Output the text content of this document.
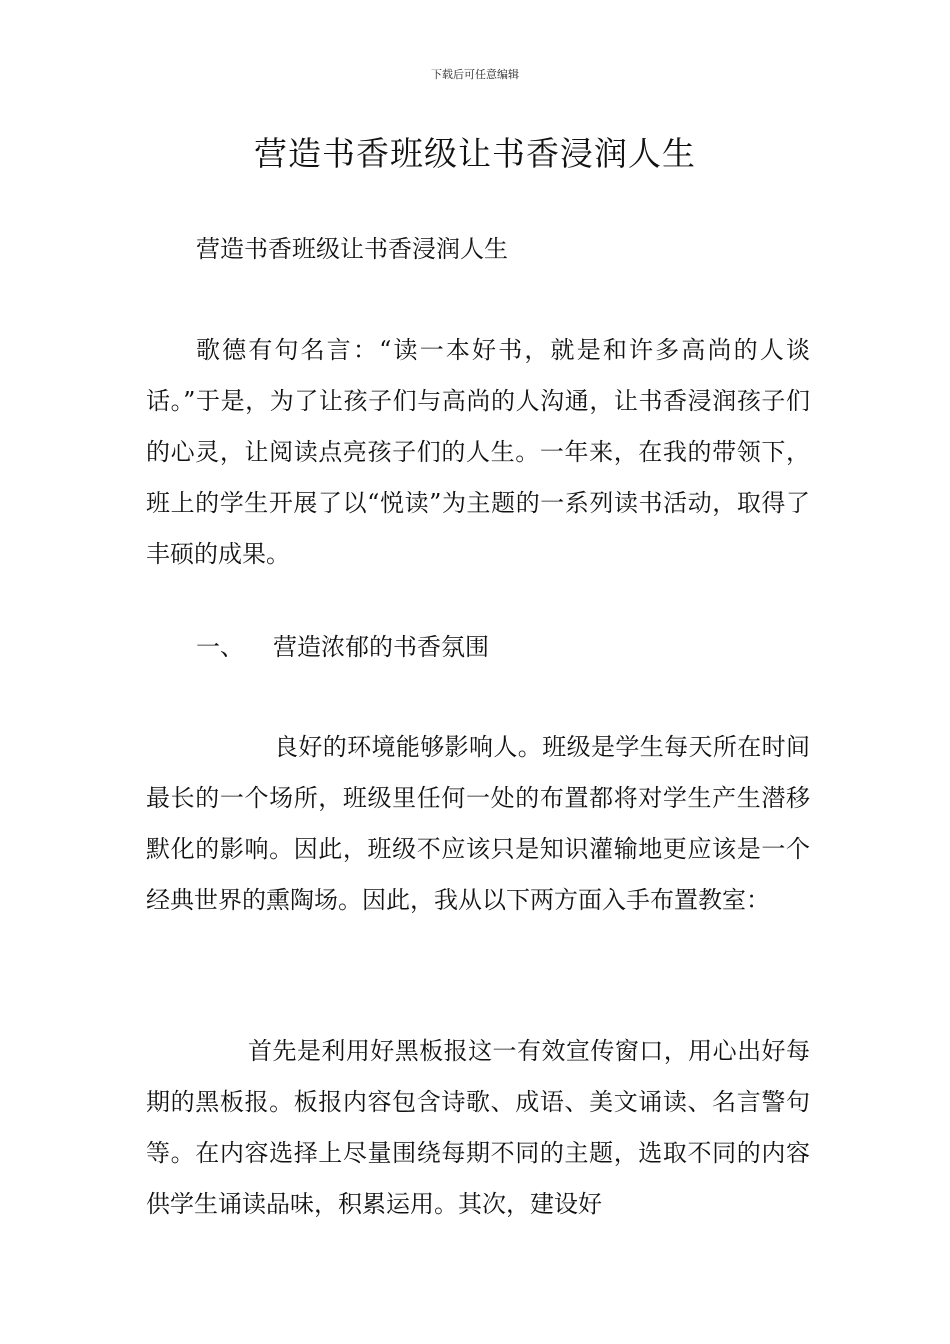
下载后可任意编辑
营造书香班级让书香浸润人生
营造书香班级让书香浸润人生

歌德有句名言：“读一本好书，就是和许多高尚的人谈话。”于是，为了让孩子们与高尚的人沟通，让书香浸润孩子们的心灵，让阅读点亮孩子们的人生。一年来，在我的带领下，班上的学生开展了以“悦读”为主题的一系列读书活动，取得了丰硕的成果。

一、 营造浓郁的书香氛围

良好的环境能够影响人。班级是学生每天所在时间最长的一个场所，班级里任何一处的布置都将对学生产生潜移默化的影响。因此，班级不应该只是知识灌输地更应该是一个经典世界的熏陶场。因此，我从以下两方面入手布置教室：

首先是利用好黑板报这一有效宣传窗口，用心出好每期的黑板报。板报内容包含诗歌、成语、美文诵读、名言警句等。在内容选择上尽量围绕每期不同的主题，选取不同的内容供学生诵读品味，积累运用。其次，建设好
